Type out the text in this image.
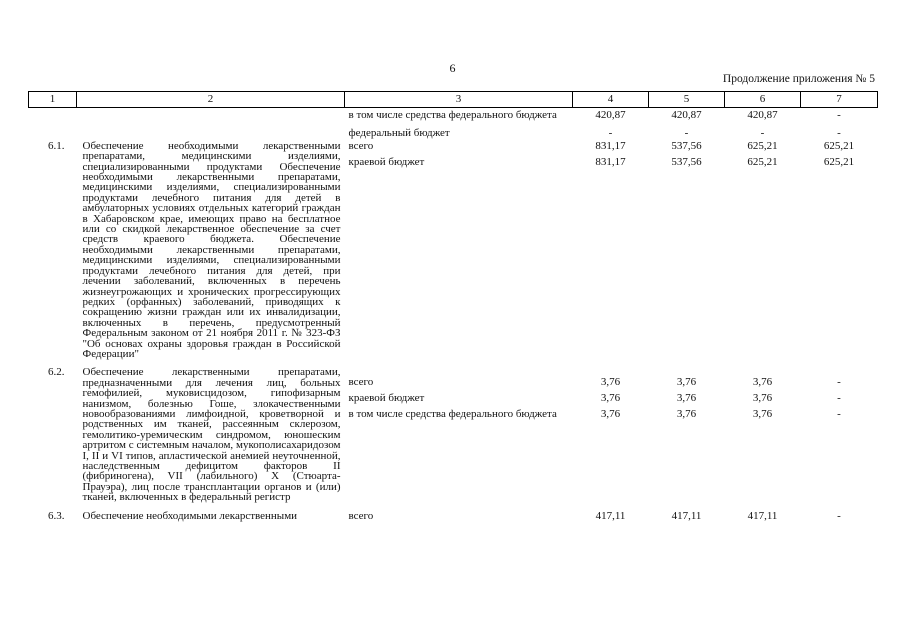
6
Продолжение приложения № 5
1	2	3	4	5	6	7
		в том числе средства федерального бюджета	420,87	420,87	420,87	-

		федеральный бюджет	-	-	-	-
6.1.	Обеспечение необходимыми лекарственными препаратами, медицинскими изделиями, специализированными продуктами Обеспечение необходимыми лекарственными препаратами, медицинскими изделиями, специализированными продуктами лечебного питания для детей в амбулаторных условиях отдельных категорий граждан в Хабаровском крае, имеющих право на бесплатное или со скидкой лекарственное обеспечение за счет средств краевого бюджета. Обеспечение необходимыми лекарственными препаратами, медицинскими изделиями, специализированными продуктами лечебного питания для детей, при лечении заболеваний, включенных в перечень жизнеугрожающих и хронических прогрессирующих редких (орфанных) заболеваний, приводящих к сокращению жизни граждан или их инвалидизации, включенных в перечень, предусмотренный Федеральным законом от 21 ноября 2011 г. № 323-ФЗ "Об основах охраны здоровья граждан в Российской Федерации"	всего	831,17	537,56	625,21	625,21
		краевой бюджет	831,17	537,56	625,21	625,21

6.2.	Обеспечение лекарственными препаратами, предназначенными для лечения лиц, больных гемофилией, муковисцидозом, гипофизарным нанизмом, болезнью Гоше, злокачественными новообразованиями лимфоидной, кроветворной и родственных им тканей, рассеянным склерозом, гемолитико-уремическим синдромом, юношеским артритом с системным началом, мукополисахаридозом I, II и VI типов, апластической анемией неуточненной, наследственным дефицитом факторов II (фибриногена), VII (лабильного) X (Стюарта-Прауэра), лиц после трансплантации органов и (или) тканей, включенных в федеральный регистр	всего	3,76	3,76	3,76	-
		краевой бюджет	3,76	3,76	3,76	-
		в том числе средства федерального бюджета	3,76	3,76	3,76	-

6.3.	Обеспечение необходимыми лекарственными	всего	417,11	417,11	417,11	-
